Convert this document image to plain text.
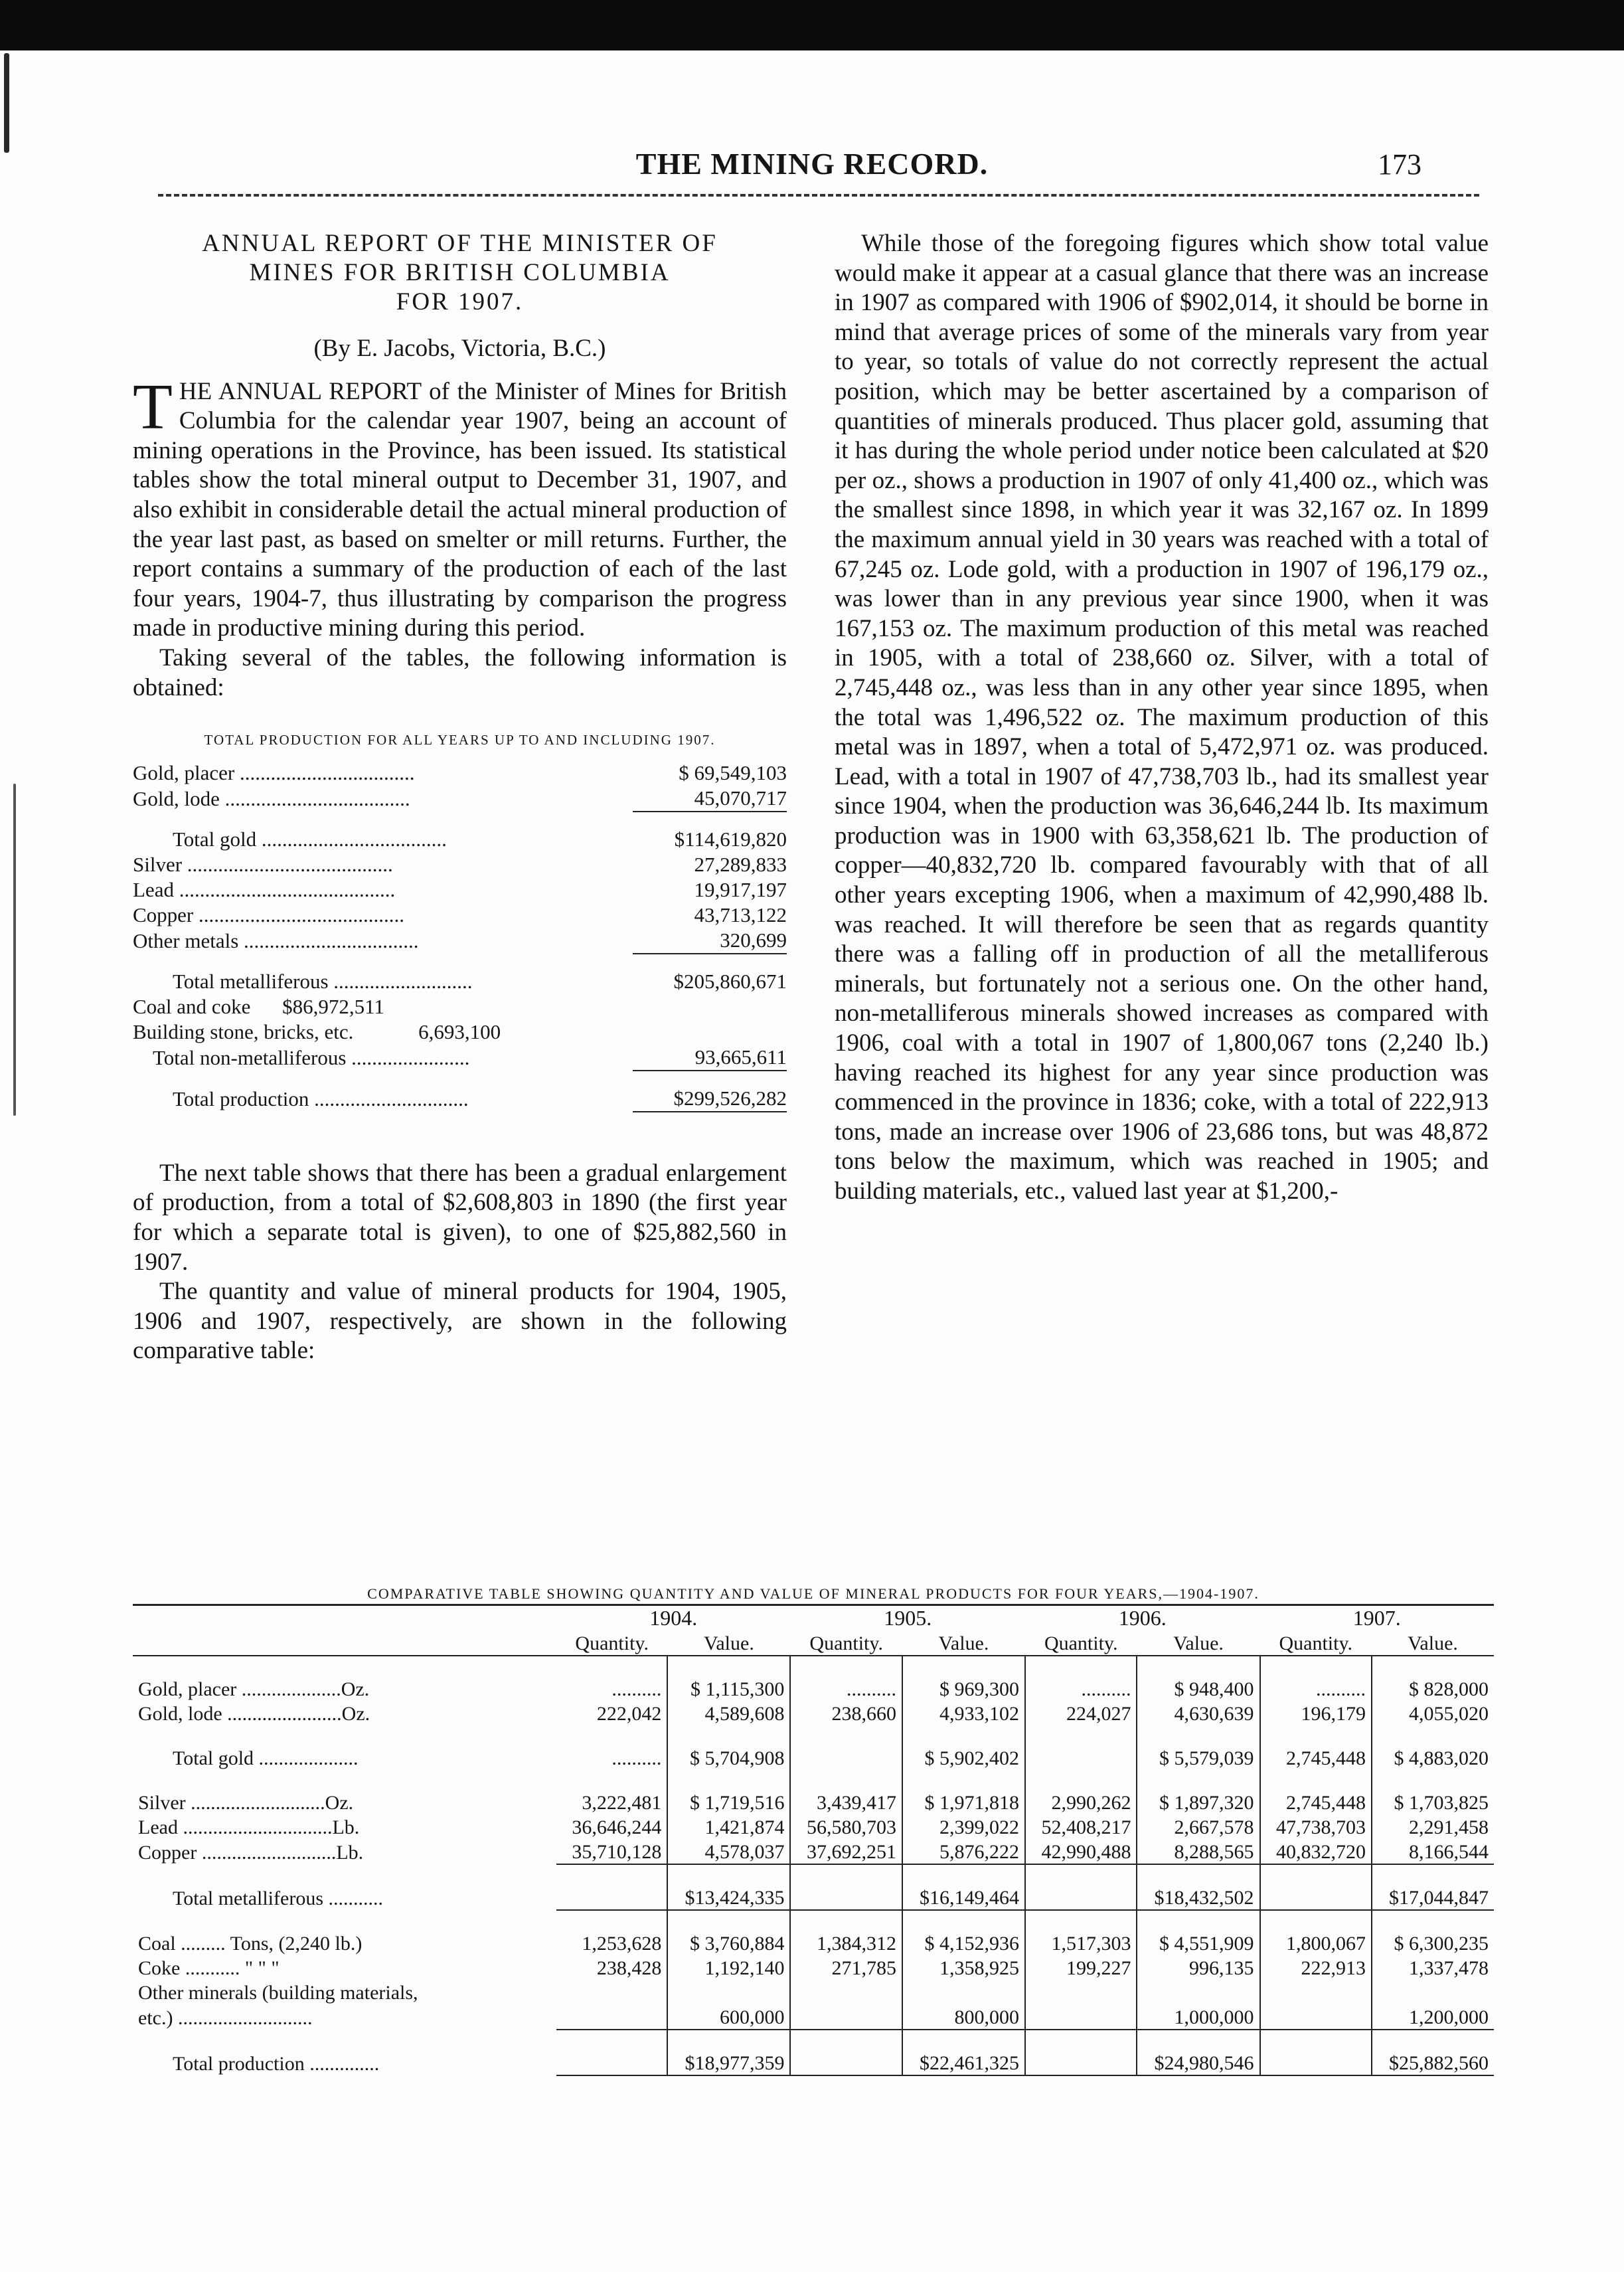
THE MINING RECORD.	173

ANNUAL REPORT OF THE MINISTER OF
MINES FOR BRITISH COLUMBIA
FOR 1907.

(By E. Jacobs, Victoria, B.C.)

THE ANNUAL REPORT of the Minister of Mines for British Columbia for the calendar year 1907, being an account of mining operations in the Province, has been issued. Its statistical tables show the total mineral output to December 31, 1907, and also exhibit in considerable detail the actual mineral production of the year last past, as based on smelter or mill returns. Further, the report contains a summary of the production of each of the last four years, 1904-7, thus illustrating by comparison the progress made in productive mining during this period.

Taking several of the tables, the following information is obtained:

TOTAL PRODUCTION FOR ALL YEARS UP TO AND INCLUDING 1907.
Gold, placer ..................................	$ 69,549,103
Gold, lode ....................................	45,070,717

Total gold ....................................	$114,619,820
Silver ........................................	27,289,833
Lead ..........................................	19,917,197
Copper ........................................	43,713,122
Other metals ..................................	320,699

Total metalliferous ...........................	$205,860,671
Coal and coke $86,972,511	
Building stone, bricks, etc. 6,693,100	
Total non-metalliferous .......................	93,665,611

Total production ..............................	$299,526,282

The next table shows that there has been a gradual enlargement of production, from a total of $2,608,803 in 1890 (the first year for which a separate total is given), to one of $25,882,560 in 1907.

The quantity and value of mineral products for 1904, 1905, 1906 and 1907, respectively, are shown in the following comparative table:

While those of the foregoing figures which show total value would make it appear at a casual glance that there was an increase in 1907 as compared with 1906 of $902,014, it should be borne in mind that average prices of some of the minerals vary from year to year, so totals of value do not correctly represent the actual position, which may be better ascertained by a comparison of quantities of minerals produced. Thus placer gold, assuming that it has during the whole period under notice been calculated at $20 per oz., shows a production in 1907 of only 41,400 oz., which was the smallest since 1898, in which year it was 32,167 oz. In 1899 the maximum annual yield in 30 years was reached with a total of 67,245 oz. Lode gold, with a production in 1907 of 196,179 oz., was lower than in any previous year since 1900, when it was 167,153 oz. The maximum production of this metal was reached in 1905, with a total of 238,660 oz. Silver, with a total of 2,745,448 oz., was less than in any other year since 1895, when the total was 1,496,522 oz. The maximum production of this metal was in 1897, when a total of 5,472,971 oz. was produced. Lead, with a total in 1907 of 47,738,703 lb., had its smallest year since 1904, when the production was 36,646,244 lb. Its maximum production was in 1900 with 63,358,621 lb. The production of copper—40,832,720 lb. compared favourably with that of all other years excepting 1906, when a maximum of 42,990,488 lb. was reached. It will therefore be seen that as regards quantity there was a falling off in production of all the metalliferous minerals, but fortunately not a serious one. On the other hand, non-metalliferous minerals showed increases as compared with 1906, coal with a total in 1907 of 1,800,067 tons (2,240 lb.) having reached its highest for any year since production was commenced in the province in 1836; coke, with a total of 222,913 tons, made an increase over 1906 of 23,686 tons, but was 48,872 tons below the maximum, which was reached in 1905; and building materials, etc., valued last year at $1,200,-

COMPARATIVE TABLE SHOWING QUANTITY AND VALUE OF MINERAL PRODUCTS FOR FOUR YEARS,—1904-1907.
	1904.		1905.		1906.		1907.	
	Quantity.	Value.	Quantity.	Value.	Quantity.	Value.	Quantity.	Value.

Gold, placer ....................Oz.	..........	$ 1,115,300	..........	$ 969,300	..........	$ 948,400	..........	$ 828,000
Gold, lode .......................Oz.	222,042	4,589,608	238,660	4,933,102	224,027	4,630,639	196,179	4,055,020

Total gold ....................	..........	$ 5,704,908		$ 5,902,402		$ 5,579,039	2,745,448	$ 4,883,020

Silver ...........................Oz.	3,222,481	$ 1,719,516	3,439,417	$ 1,971,818	2,990,262	$ 1,897,320	2,745,448	$ 1,703,825
Lead ..............................Lb.	36,646,244	1,421,874	56,580,703	2,399,022	52,408,217	2,667,578	47,738,703	2,291,458
Copper ...........................Lb.	35,710,128	4,578,037	37,692,251	5,876,222	42,990,488	8,288,565	40,832,720	8,166,544

Total metalliferous ...........		$13,424,335		$16,149,464		$18,432,502		$17,044,847

Coal ......... Tons, (2,240 lb.)	1,253,628	$ 3,760,884	1,384,312	$ 4,152,936	1,517,303	$ 4,551,909	1,800,067	$ 6,300,235
Coke ........... " " "	238,428	1,192,140	271,785	1,358,925	199,227	996,135	222,913	1,337,478
Other minerals (building materials,								
etc.) ...........................		600,000		800,000		1,000,000		1,200,000

Total production ..............		$18,977,359		$22,461,325		$24,980,546		$25,882,560
